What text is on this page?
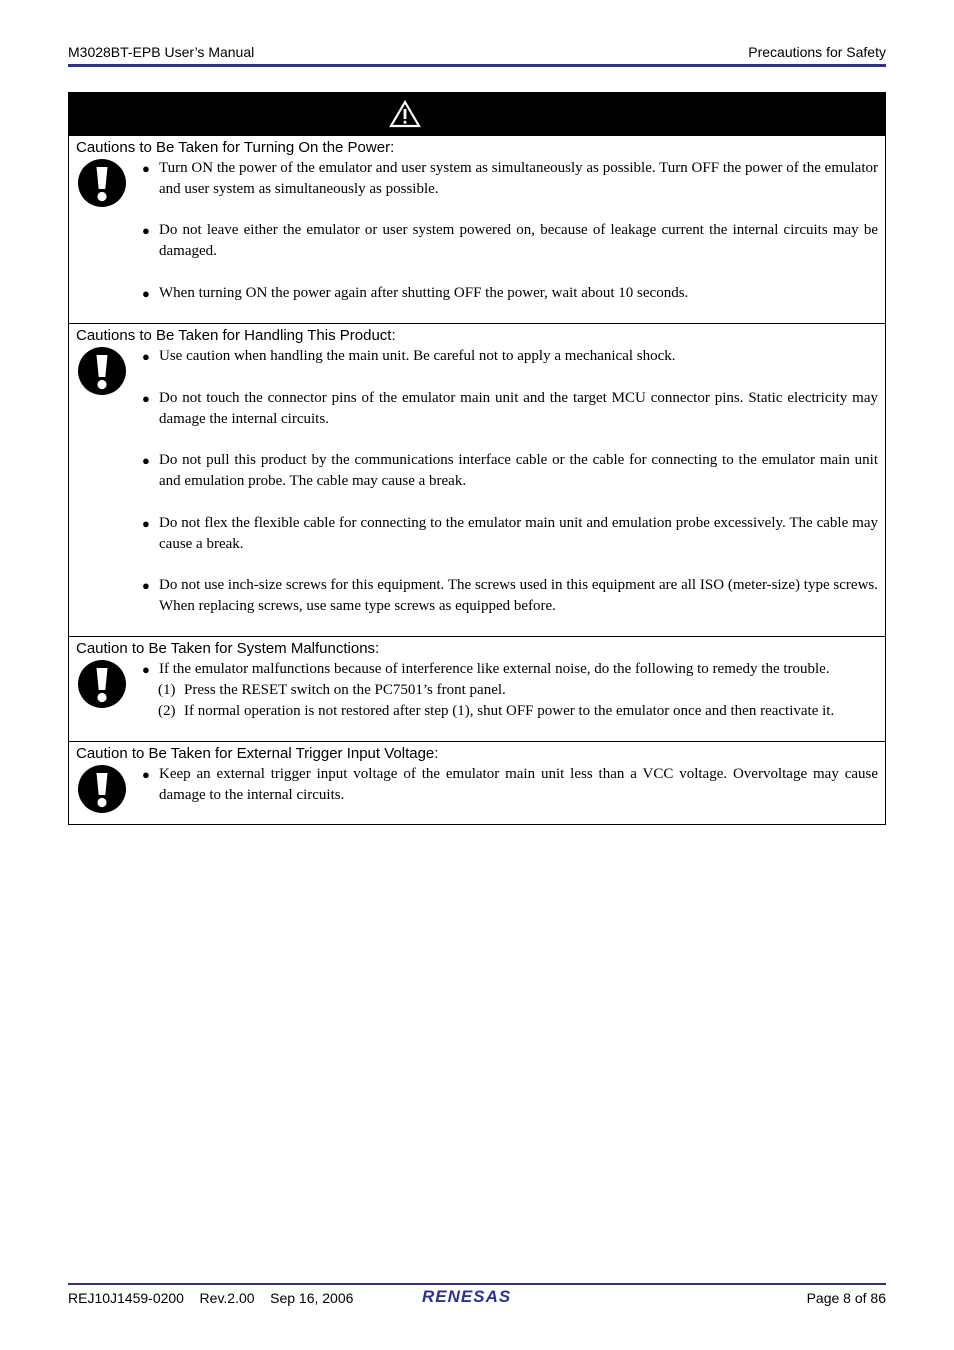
M3028BT-EPB User’s Manual	Precautions for Safety
Cautions to Be Taken for Turning On the Power:
● Turn ON the power of the emulator and user system as simultaneously as possible. Turn OFF the power of the emulator and user system as simultaneously as possible.
● Do not leave either the emulator or user system powered on, because of leakage current the internal circuits may be damaged.
● When turning ON the power again after shutting OFF the power, wait about 10 seconds.
Cautions to Be Taken for Handling This Product:
● Use caution when handling the main unit. Be careful not to apply a mechanical shock.
● Do not touch the connector pins of the emulator main unit and the target MCU connector pins. Static electricity may damage the internal circuits.
● Do not pull this product by the communications interface cable or the cable for connecting to the emulator main unit and emulation probe. The cable may cause a break.
● Do not flex the flexible cable for connecting to the emulator main unit and emulation probe excessively. The cable may cause a break.
● Do not use inch-size screws for this equipment. The screws used in this equipment are all ISO (meter-size) type screws. When replacing screws, use same type screws as equipped before.
Caution to Be Taken for System Malfunctions:
● If the emulator malfunctions because of interference like external noise, do the following to remedy the trouble.
(1) Press the RESET switch on the PC7501’s front panel.
(2) If normal operation is not restored after step (1), shut OFF power to the emulator once and then reactivate it.
Caution to Be Taken for External Trigger Input Voltage:
● Keep an external trigger input voltage of the emulator main unit less than a VCC voltage. Overvoltage may cause damage to the internal circuits.
REJ10J1459-0200 Rev.2.00 Sep 16, 2006	RENESAS	Page 8 of 86
